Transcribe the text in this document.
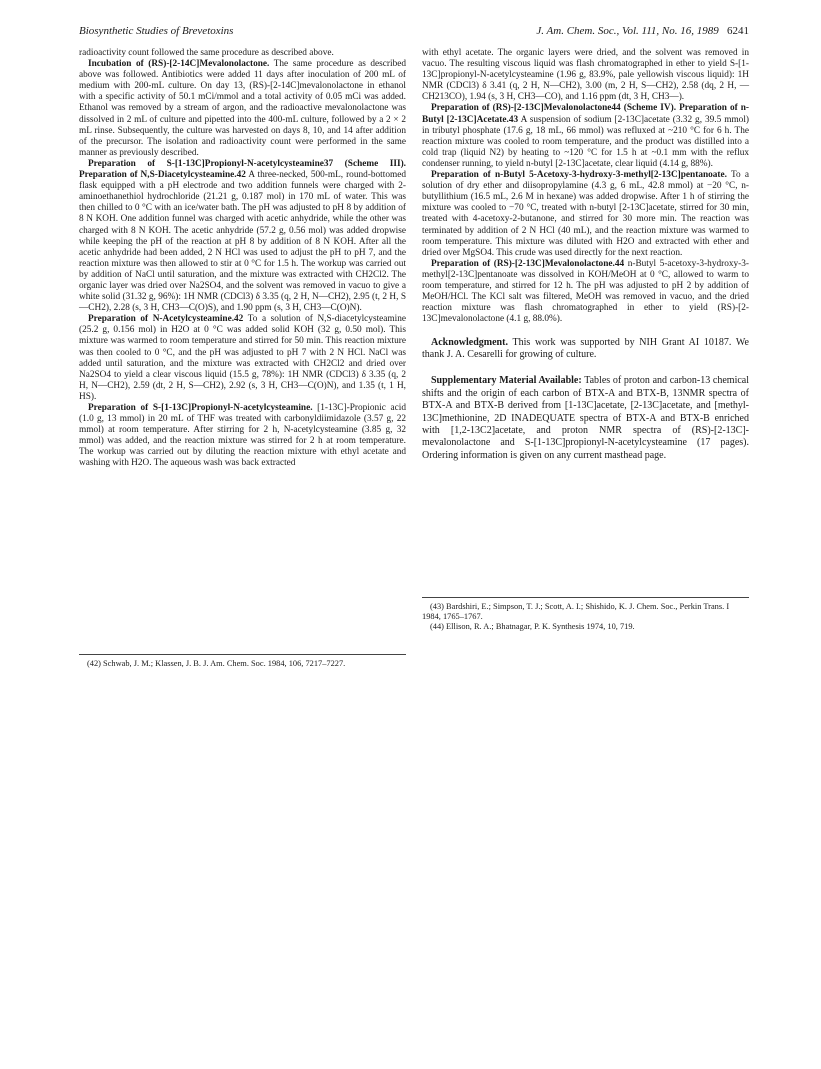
Biosynthetic Studies of Brevetoxins	J. Am. Chem. Soc., Vol. 111, No. 16, 1989 6241

radioactivity count followed the same procedure as described above.

Incubation of (RS)-[2-14C]Mevalonolactone. The same procedure as described above was followed. Antibiotics were added 11 days after inoculation of 200 mL of medium with 200-mL culture. On day 13, (RS)-[2-14C]mevalonolactone in ethanol with a specific activity of 50.1 mCi/mmol and a total activity of 0.05 mCi was added. Ethanol was removed by a stream of argon, and the radioactive mevalonolactone was dissolved in 2 mL of culture and pipetted into the 400-mL culture, followed by a 2 × 2 mL rinse. Subsequently, the culture was harvested on days 8, 10, and 14 after addition of the precursor. The isolation and radioactivity count were performed in the same manner as previously described.

Preparation of S-[1-13C]Propionyl-N-acetylcysteamine37 (Scheme III). Preparation of N,S-Diacetylcysteamine.42 A three-necked, 500-mL, round-bottomed flask equipped with a pH electrode and two addition funnels were charged with 2-aminoethanethiol hydrochloride (21.21 g, 0.187 mol) in 170 mL of water. This was then chilled to 0 °C with an ice/water bath. The pH was adjusted to pH 8 by addition of 8 N KOH. One addition funnel was charged with acetic anhydride, while the other was charged with 8 N KOH. The acetic anhydride (57.2 g, 0.56 mol) was added dropwise while keeping the pH of the reaction at pH 8 by addition of 8 N KOH. After all the acetic anhydride had been added, 2 N HCl was used to adjust the pH to pH 7, and the reaction mixture was then allowed to stir at 0 °C for 1.5 h. The workup was carried out by addition of NaCl until saturation, and the mixture was extracted with CH2Cl2. The organic layer was dried over Na2SO4, and the solvent was removed in vacuo to give a white solid (31.32 g, 96%): 1H NMR (CDCl3) δ 3.35 (q, 2 H, N—CH2), 2.95 (t, 2 H, S—CH2), 2.28 (s, 3 H, CH3—C(O)S), and 1.90 ppm (s, 3 H, CH3—C(O)N).

Preparation of N-Acetylcysteamine.42 To a solution of N,S-diacetylcysteamine (25.2 g, 0.156 mol) in H2O at 0 °C was added solid KOH (32 g, 0.50 mol). This mixture was warmed to room temperature and stirred for 50 min. This reaction mixture was then cooled to 0 °C, and the pH was adjusted to pH 7 with 2 N HCl. NaCl was added until saturation, and the mixture was extracted with CH2Cl2 and dried over Na2SO4 to yield a clear viscous liquid (15.5 g, 78%): 1H NMR (CDCl3) δ 3.35 (q, 2 H, N—CH2), 2.59 (dt, 2 H, S—CH2), 2.92 (s, 3 H, CH3—C(O)N), and 1.35 (t, 1 H, HS).

Preparation of S-[1-13C]Propionyl-N-acetylcysteamine. [1-13C]-Propionic acid (1.0 g, 13 mmol) in 20 mL of THF was treated with carbonyldiimidazole (3.57 g, 22 mmol) at room temperature. After stirring for 2 h, N-acetylcysteamine (3.85 g, 32 mmol) was added, and the reaction mixture was stirred for 2 h at room temperature. The workup was carried out by diluting the reaction mixture with ethyl acetate and washing with H2O. The aqueous wash was back extracted

with ethyl acetate. The organic layers were dried, and the solvent was removed in vacuo. The resulting viscous liquid was flash chromatographed in ether to yield S-[1-13C]propionyl-N-acetylcysteamine (1.96 g, 83.9%, pale yellowish viscous liquid): 1H NMR (CDCl3) δ 3.41 (q, 2 H, N—CH2), 3.00 (m, 2 H, S—CH2), 2.58 (dq, 2 H, —CH213CO), 1.94 (s, 3 H, CH3—CO), and 1.16 ppm (dt, 3 H, CH3—).

Preparation of (RS)-[2-13C]Mevalonolactone44 (Scheme IV). Preparation of n-Butyl [2-13C]Acetate.43 A suspension of sodium [2-13C]acetate (3.32 g, 39.5 mmol) in tributyl phosphate (17.6 g, 18 mL, 66 mmol) was refluxed at ~210 °C for 6 h. The reaction mixture was cooled to room temperature, and the product was distilled into a cold trap (liquid N2) by heating to ~120 °C for 1.5 h at ~0.1 mm with the reflux condenser running, to yield n-butyl [2-13C]acetate, clear liquid (4.14 g, 88%).

Preparation of n-Butyl 5-Acetoxy-3-hydroxy-3-methyl[2-13C]pentanoate. To a solution of dry ether and diisopropylamine (4.3 g, 6 mL, 42.8 mmol) at −20 °C, n-butyllithium (16.5 mL, 2.6 M in hexane) was added dropwise. After 1 h of stirring the mixture was cooled to −70 °C, treated with n-butyl [2-13C]acetate, stirred for 30 min, treated with 4-acetoxy-2-butanone, and stirred for 30 more min. The reaction was terminated by addition of 2 N HCl (40 mL), and the reaction mixture was warmed to room temperature. This mixture was diluted with H2O and extracted with ether and dried over MgSO4. This crude was used directly for the next reaction.

Preparation of (RS)-[2-13C]Mevalonolactone.44 n-Butyl 5-acetoxy-3-hydroxy-3-methyl[2-13C]pentanoate was dissolved in KOH/MeOH at 0 °C, allowed to warm to room temperature, and stirred for 12 h. The pH was adjusted to pH 2 by addition of MeOH/HCl. The KCl salt was filtered, MeOH was removed in vacuo, and the dried reaction mixture was flash chromatographed in ether to yield (RS)-[2-13C]mevalonolactone (4.1 g, 88.0%).

Acknowledgment. This work was supported by NIH Grant AI 10187. We thank J. A. Cesarelli for growing of culture.

Supplementary Material Available: Tables of proton and carbon-13 chemical shifts and the origin of each carbon of BTX-A and BTX-B, 13NMR spectra of BTX-A and BTX-B derived from [1-13C]acetate, [2-13C]acetate, and [methyl-13C]methionine, 2D INADEQUATE spectra of BTX-A and BTX-B enriched with [1,2-13C2]acetate, and proton NMR spectra of (RS)-[2-13C]-mevalonolactone and S-[1-13C]propionyl-N-acetylcysteamine (17 pages). Ordering information is given on any current masthead page.

(42) Schwab, J. M.; Klassen, J. B. J. Am. Chem. Soc. 1984, 106, 7217–7227.

(43) Bardshiri, E.; Simpson, T. J.; Scott, A. I.; Shishido, K. J. Chem. Soc., Perkin Trans. I 1984, 1765–1767.

(44) Ellison, R. A.; Bhatnagar, P. K. Synthesis 1974, 10, 719.
